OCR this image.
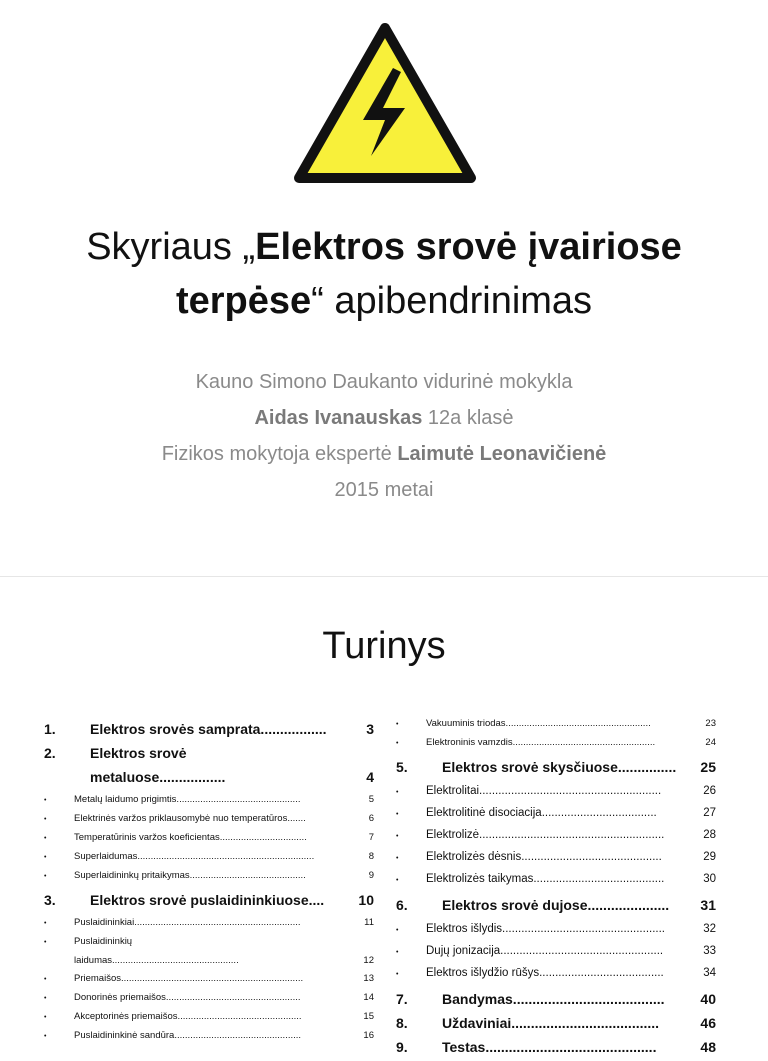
Skyriaus „Elektros srovė įvairiose
terpėse“ apibendrinimas
Kauno Simono Daukanto vidurinė mokykla
Aidas Ivanauskas 12a klasė
Fizikos mokytoja ekspertė Laimutė Leonavičienė
2015 metai
Turinys
1.	Elektros srovės samprata.................	3
2.	Elektros srovė
metaluose.................	4
•	Metalų laidumo prigimtis...............................................	5
•	Elektrinės varžos priklausomybė nuo temperatūros.......	6
•	Temperatūrinis varžos koeficientas.................................	7
•	Superlaidumas...................................................................	8
•	Superlaidininkų pritaikymas............................................	9
3.	Elektros srovė puslaidininkiuose....	10
•	Puslaidininkiai...............................................................	11
•	Puslaidininkių
laidumas................................................	12
•	Priemaišos.....................................................................	13
•	Donorinės priemaišos...................................................	14
•	Akceptorinės priemaišos...............................................	15
•	Puslaidininkinė sandūra................................................	16
•	Vakuuminis triodas.......................................................	23
•	Elektroninis vamzdis......................................................	24
5.	Elektros srovė skysčiuose...............	25
•	Elektrolitai.........................................................	26
•	Elektrolitinė disociacija....................................	27
•	Elektrolizė..........................................................	28
•	Elektrolizės dėsnis............................................	29
•	Elektrolizės taikymas.........................................	30
6.	Elektros srovė dujose.....................	31
•	Elektros išlydis...................................................	32
•	Dujų jonizacija...................................................	33
•	Elektros išlydžio rūšys.......................................	34
7.	Bandymas.......................................	40
8.	Uždaviniai......................................	46
9.	Testas............................................	48
